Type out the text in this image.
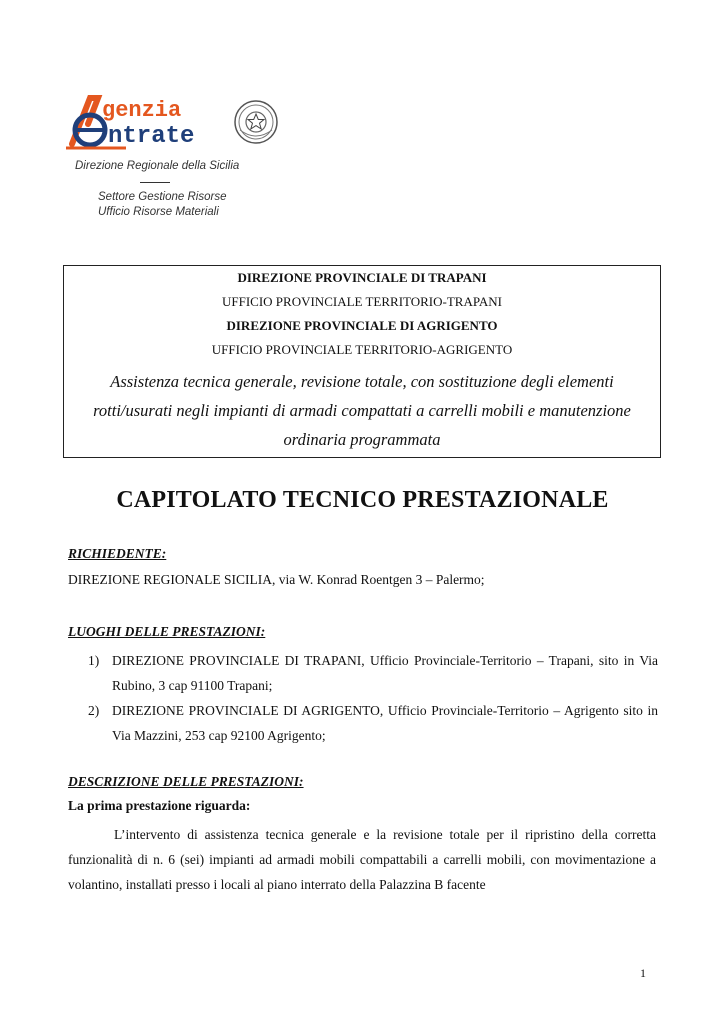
genzia
ntrate
Direzione Regionale della Sicilia
Settore Gestione Risorse
Ufficio Risorse Materiali
DIREZIONE PROVINCIALE DI TRAPANI
UFFICIO PROVINCIALE TERRITORIO-TRAPANI
DIREZIONE PROVINCIALE DI AGRIGENTO
UFFICIO PROVINCIALE TERRITORIO-AGRIGENTO
Assistenza tecnica generale, revisione totale, con sostituzione degli elementi rotti/usurati negli impianti di armadi compattati a carrelli mobili e manutenzione ordinaria programmata
CAPITOLATO TECNICO PRESTAZIONALE
RICHIEDENTE:
DIREZIONE REGIONALE SICILIA, via W. Konrad Roentgen 3 – Palermo;
LUOGHI DELLE PRESTAZIONI:
1) DIREZIONE PROVINCIALE DI TRAPANI, Ufficio Provinciale-Territorio – Trapani, sito in Via Rubino, 3 cap 91100 Trapani;
2) DIREZIONE PROVINCIALE DI AGRIGENTO, Ufficio Provinciale-Territorio – Agrigento sito in Via Mazzini, 253 cap 92100 Agrigento;
DESCRIZIONE DELLE PRESTAZIONI:
La prima prestazione riguarda:
L’intervento di assistenza tecnica generale e la revisione totale per il ripristino della corretta funzionalità di n. 6 (sei) impianti ad armadi mobili compattabili a carrelli mobili, con movimentazione a volantino, installati presso i locali al piano interrato della Palazzina B facente
1
